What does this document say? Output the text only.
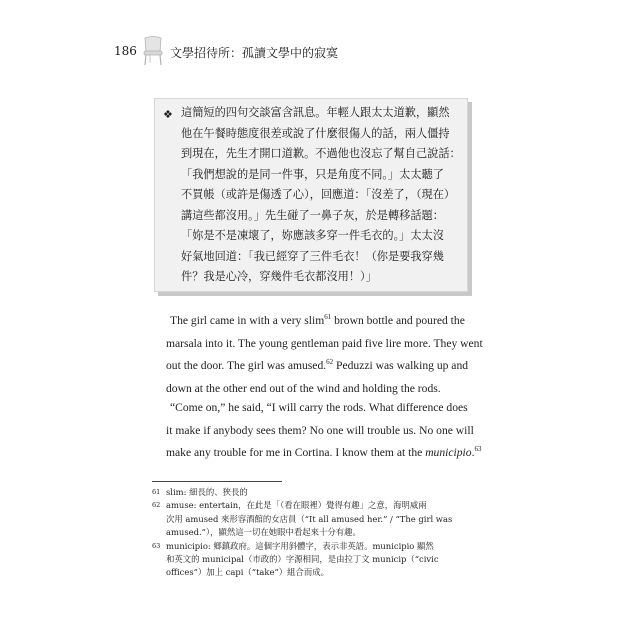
186	文學招待所：孤讀文學中的寂寞
❖ 這簡短的四句交談富含訊息。年輕人跟太太道歉，顯然
他在午餐時態度很差或說了什麼很傷人的話，兩人僵持
到現在，先生才開口道歉。不過他也沒忘了幫自己說話：
「我們想說的是同一件事，只是角度不同。」太太聽了
不買帳（或許是傷透了心），回應道：「沒差了，（現在）
講這些都沒用。」先生碰了一鼻子灰，於是轉移話題：
「妳是不是凍壞了，妳應該多穿一件毛衣的。」太太沒
好氣地回道：「我已經穿了三件毛衣！（你是要我穿幾
件？我是心冷，穿幾件毛衣都沒用！）」
The girl came in with a very slim$^{61}$ brown bottle and poured the
marsala into it. The young gentleman paid five lire more. They went
out the door. The girl was amused.$^{62}$ Peduzzi was walking up and
down at the other end out of the wind and holding the rods.
“Come on,” he said, “I will carry the rods. What difference does
it make if anybody sees them? No one will trouble us. No one will
make any trouble for me in Cortina. I know them at the municipio.$^{63}$
61 slim: 細長的、狹長的
62 amuse: entertain，在此是「（看在眼裡）覺得有趣」之意，海明威兩
次用 amused 來形容酒館的女店員（“It all amused her.” / “The girl was
amused.”），顯然這一切在她眼中看起來十分有趣。
63 municipio: 鄉鎮政府。這個字用斜體字，表示非英語。municipio 顯然
和英文的 municipal（市政的）字源相同，是由拉丁文 municip（“civic
offices”）加上 capi（“take”）組合而成。
